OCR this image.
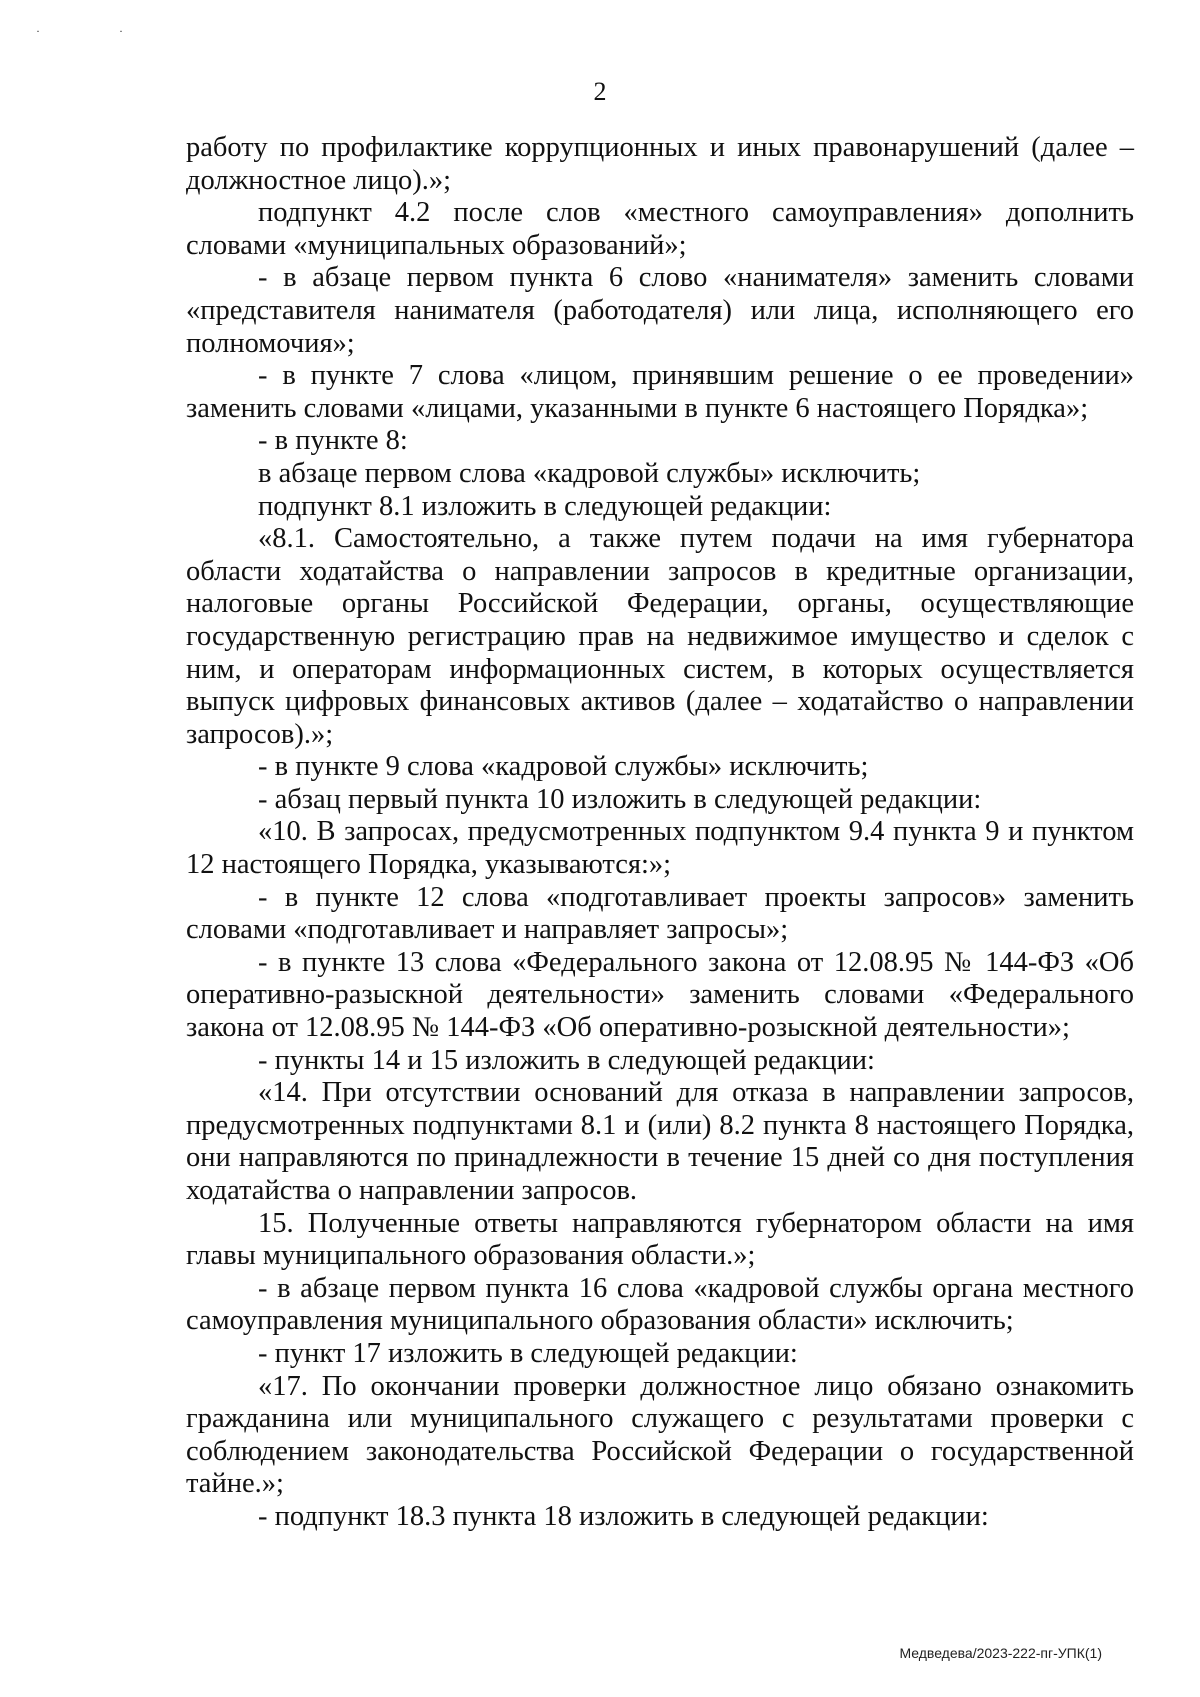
· ·
2

работу по профилактике коррупционных и иных правонарушений (далее – должностное лицо).»;

подпункт 4.2 после слов «местного самоуправления» дополнить словами «муниципальных образований»;

- в абзаце первом пункта 6 слово «нанимателя» заменить словами «представителя нанимателя (работодателя) или лица, исполняющего его полномочия»;

- в пункте 7 слова «лицом, принявшим решение о ее проведении» заменить словами «лицами, указанными в пункте 6 настоящего Порядка»;

- в пункте 8:

в абзаце первом слова «кадровой службы» исключить;

подпункт 8.1 изложить в следующей редакции:

«8.1. Самостоятельно, а также путем подачи на имя губернатора области ходатайства о направлении запросов в кредитные организации, налоговые органы Российской Федерации, органы, осуществляющие государственную регистрацию прав на недвижимое имущество и сделок с ним, и операторам информационных систем, в которых осуществляется выпуск цифровых финансовых активов (далее – ходатайство о направлении запросов).»;

- в пункте 9 слова «кадровой службы» исключить;

- абзац первый пункта 10 изложить в следующей редакции:

«10. В запросах, предусмотренных подпунктом 9.4 пункта 9 и пунктом 12 настоящего Порядка, указываются:»;

- в пункте 12 слова «подготавливает проекты запросов» заменить словами «подготавливает и направляет запросы»;

- в пункте 13 слова «Федерального закона от 12.08.95 № 144-ФЗ «Об оперативно-разыскной деятельности» заменить словами «Федерального закона от 12.08.95 № 144-ФЗ «Об оперативно-розыскной деятельности»;

- пункты 14 и 15 изложить в следующей редакции:

«14. При отсутствии оснований для отказа в направлении запросов, предусмотренных подпунктами 8.1 и (или) 8.2 пункта 8 настоящего Порядка, они направляются по принадлежности в течение 15 дней со дня поступления ходатайства о направлении запросов.

15. Полученные ответы направляются губернатором области на имя главы муниципального образования области.»;

- в абзаце первом пункта 16 слова «кадровой службы органа местного самоуправления муниципального образования области» исключить;

- пункт 17 изложить в следующей редакции:

«17. По окончании проверки должностное лицо обязано ознакомить гражданина или муниципального служащего с результатами проверки с соблюдением законодательства Российской Федерации о государственной тайне.»;

- подпункт 18.3 пункта 18 изложить в следующей редакции:

Медведева/2023-222-пг-УПК(1)
